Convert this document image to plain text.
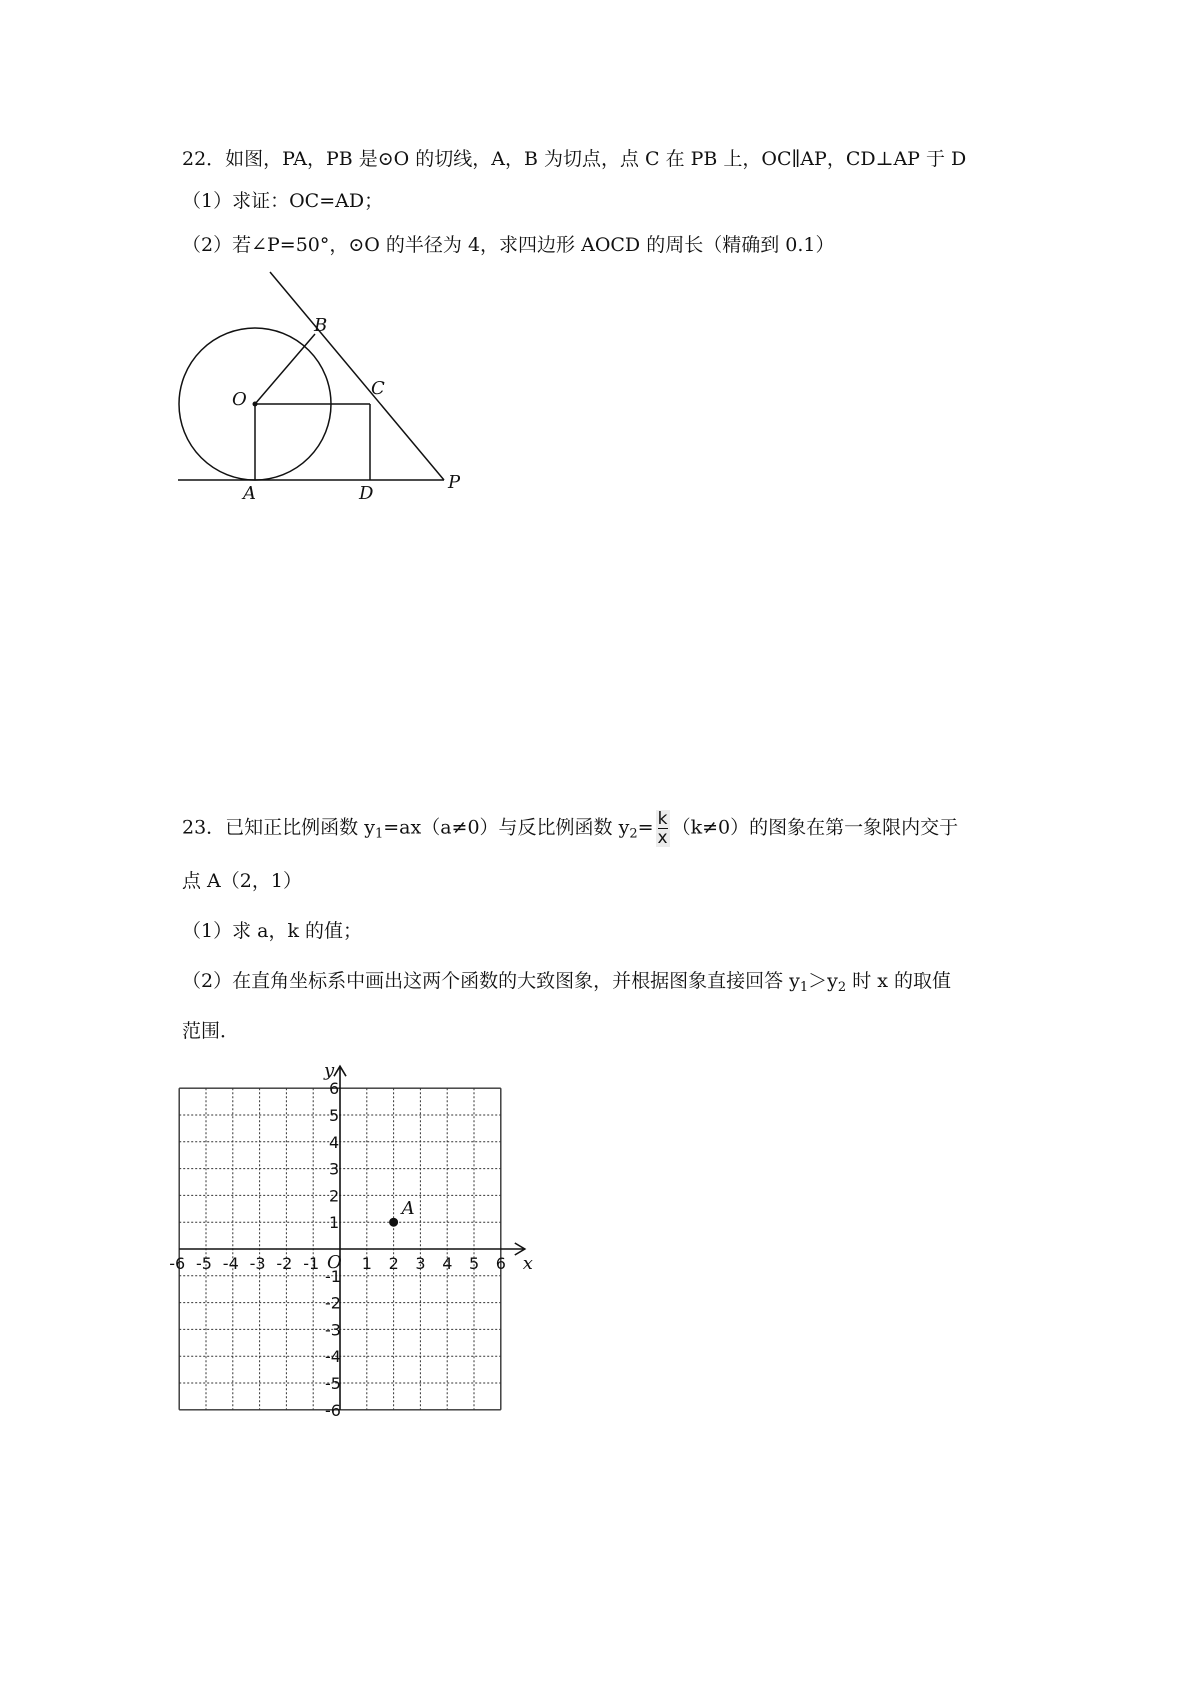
22．如图，PA，PB 是⊙O 的切线，A，B 为切点，点 C 在 PB 上，OC∥AP，CD⊥AP 于 D
（1）求证：OC=AD；
（2）若∠P=50°，⊙O 的半径为 4，求四边形 AOCD 的周长（精确到 0.1）
B
O
C
A	D
P
23．已知正比例函数 $y_1=ax(a\ne 0)$与反比例函数 $y_2= \frac{k}{x} (k\ne 0)$的图象在第一象限内交于
点 A（2，1）
（1）求 a，k 的值；
（2）在直角坐标系中画出这两个函数的大致图象，并根据图象直接回答 $y_1>y_2$ 时 x 的取值
范围．
x
y
O
-6 -5 -4 -3 -2 -1	1 2 3 4 5 6
6
5
4
3
2
1
-1
-2
-3
-4
-5
-6
A
